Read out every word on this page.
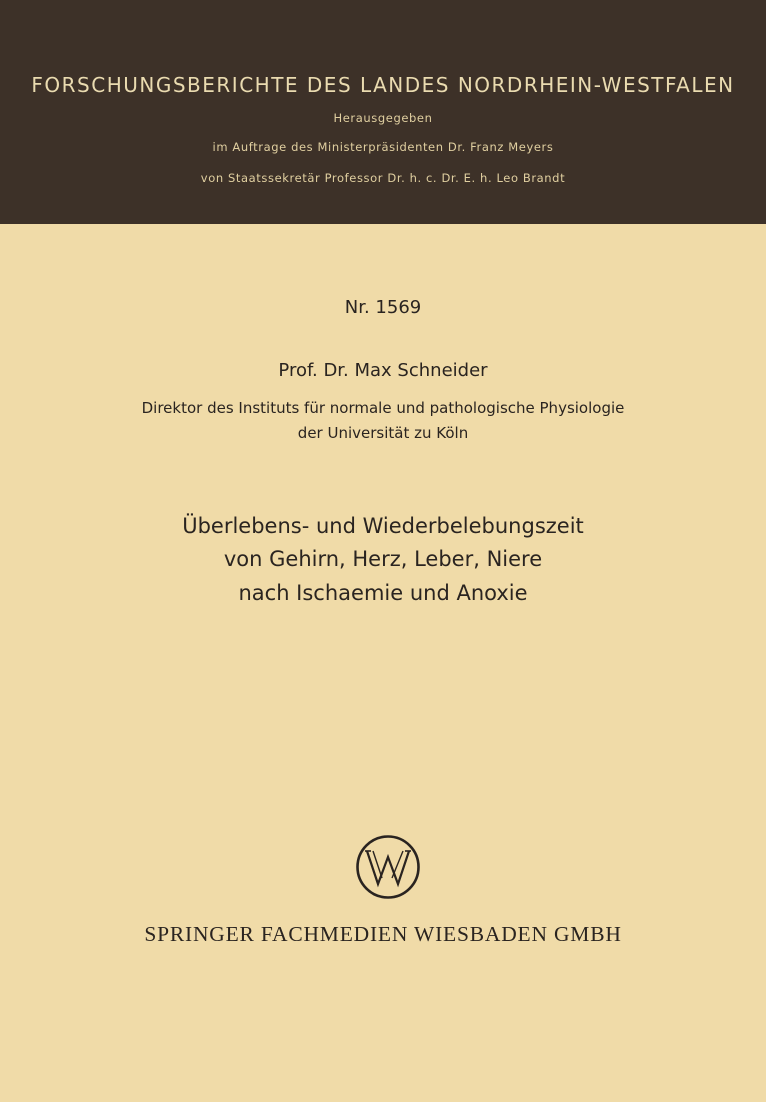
FORSCHUNGSBERICHTE DES LANDES NORDRHEIN-WESTFALEN
Herausgegeben
im Auftrage des Ministerpräsidenten Dr. Franz Meyers
von Staatssekretär Professor Dr. h. c. Dr. E. h. Leo Brandt
Nr. 1569
Prof. Dr. Max Schneider
Direktor des Instituts für normale und pathologische Physiologie
der Universität zu Köln
Überlebens- und Wiederbelebungszeit
von Gehirn, Herz, Leber, Niere
nach Ischaemie und Anoxie
SPRINGER FACHMEDIEN WIESBADEN GMBH
